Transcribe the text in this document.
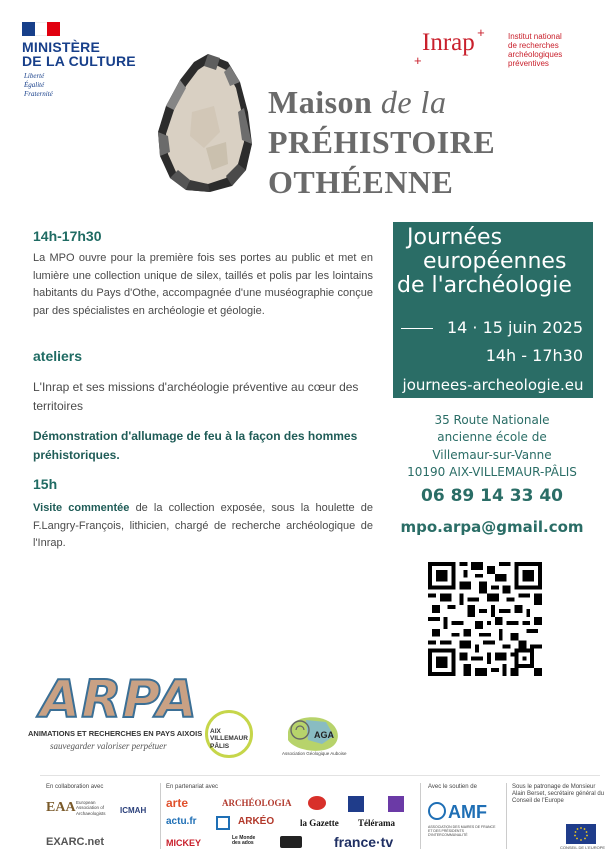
MINISTÈRE
DE LA CULTURE
Liberté
Égalité
Fraternité
+
Inrap +	Institut national
de recherches
archéologiques
préventives
Maison de la
PRÉHISTOIRE
OTHÉENNE
14h-17h30
La MPO ouvre pour la première fois ses portes au public et met en lumière une collection unique de silex, taillés et polis par les lointains habitants du Pays d'Othe, accompagnée d'une muséographie conçue par des spécialistes en archéologie et géologie.
ateliers
L'Inrap et ses missions d'archéologie préventive au cœur des territoires
Démonstration d'allumage de feu à la façon des hommes préhistoriques.
15h
Visite commentée de la collection exposée, sous la houlette de F.Langry-François, lithicien, chargé de recherche archéologique de l'Inrap.
Journées
européennes
de l'archéologie
14 · 15 juin 2025
14h - 17h30
journees-archeologie.eu
35 Route Nationale
ancienne école de
Villemaur-sur-Vanne
10190 AIX-VILLEMAUR-PÂLIS
06 89 14 33 40
mpo.arpa@gmail.com
ARPA
ANIMATIONS ET RECHERCHES EN PAYS AIXOIS
sauvegarder valoriser perpétuer
AIX
VILLEMAUR
PÂLIS
AGA
Association Géologique Auboise
En collaboration avec
EAA European Association of Archaeologists	ICMAH
EXARC.net
En partenariat avec
arte	ARCHÉOLOGIA
actu.fr	ARKÉO	la Gazette Télérama
Le Monde des ados
MICKEY	france·tv
Avec le soutien de
AMF
ASSOCIATION DES MAIRES DE FRANCE ET DES PRÉSIDENTS D'INTERCOMMUNALITÉ
Sous le patronage de Monsieur Alain Berset, secrétaire général du Conseil de l'Europe
CONSEIL DE L'EUROPE
